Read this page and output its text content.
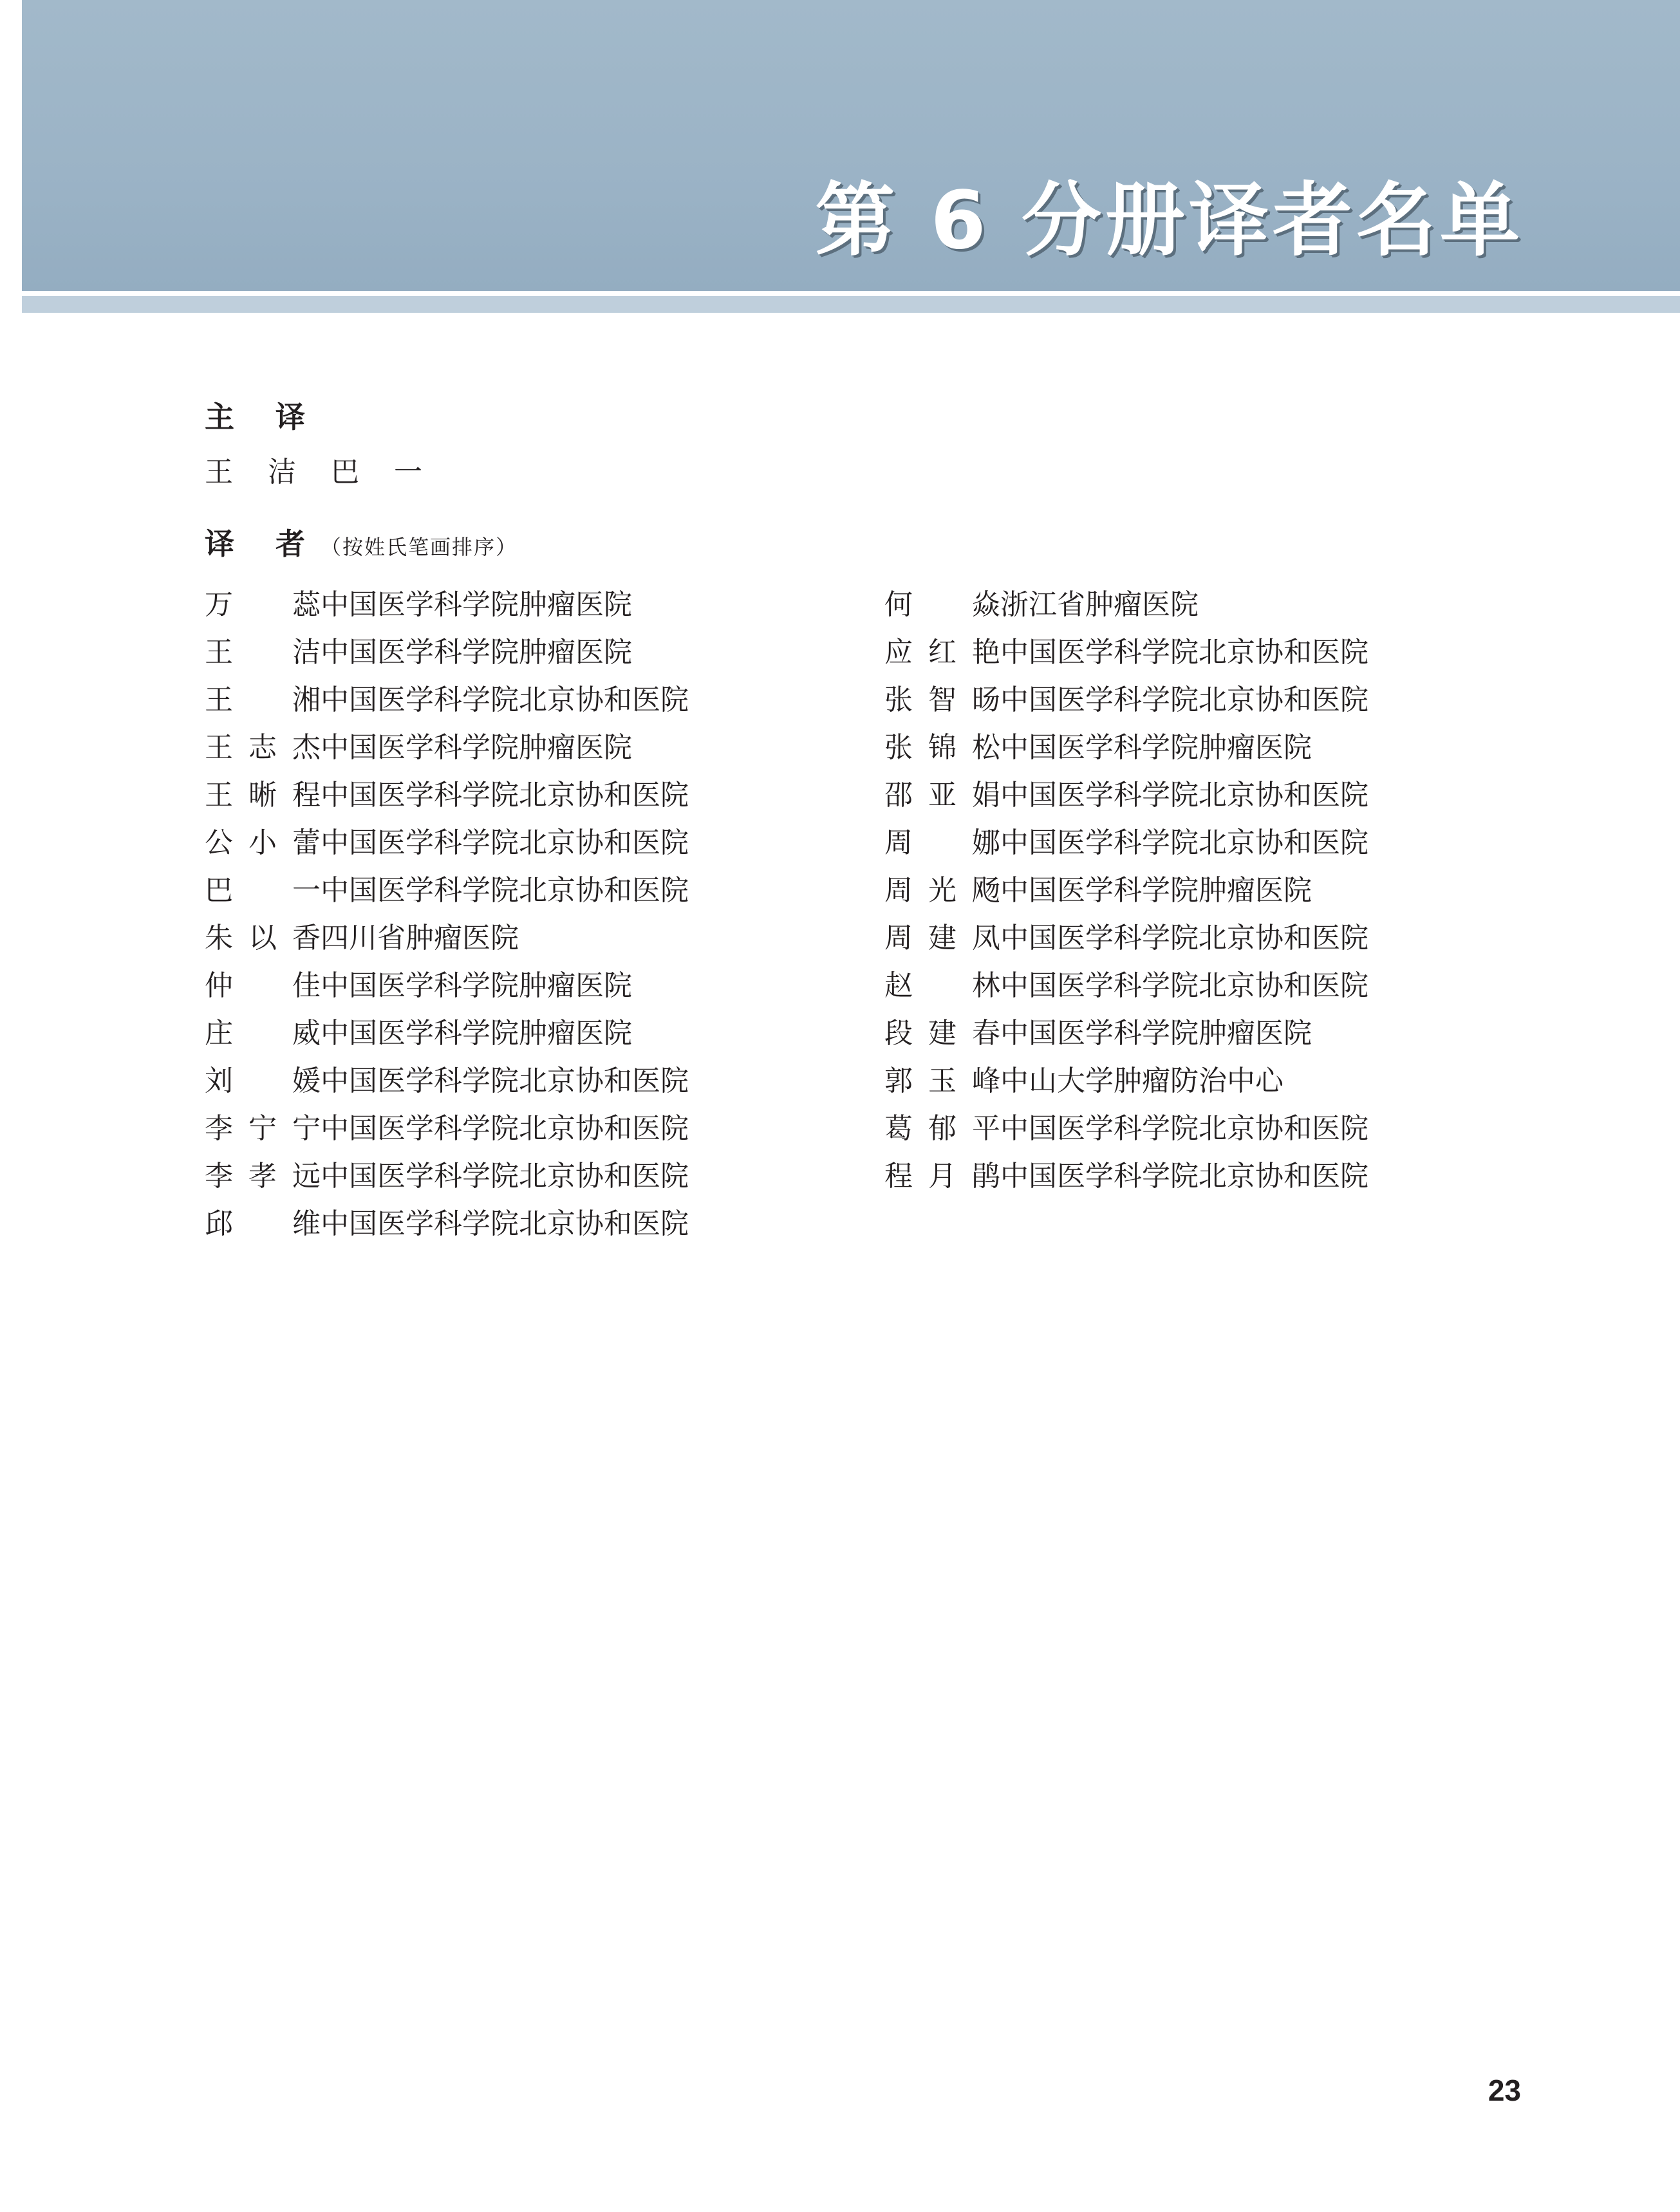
第 6 分册译者名单
主 译
王 洁 巴 一
译 者（按姓氏笔画排序）
万 蕊 中国医学科学院肿瘤医院
王 洁 中国医学科学院肿瘤医院
王 湘 中国医学科学院北京协和医院
王志杰 中国医学科学院肿瘤医院
王晰程 中国医学科学院北京协和医院
公小蕾 中国医学科学院北京协和医院
巴 一 中国医学科学院北京协和医院
朱以香 四川省肿瘤医院
仲 佳 中国医学科学院肿瘤医院
庄 威 中国医学科学院肿瘤医院
刘 媛 中国医学科学院北京协和医院
李宁宁 中国医学科学院北京协和医院
李孝远 中国医学科学院北京协和医院
邱 维 中国医学科学院北京协和医院
何 焱 浙江省肿瘤医院
应红艳 中国医学科学院北京协和医院
张智旸 中国医学科学院北京协和医院
张锦松 中国医学科学院肿瘤医院
邵亚娟 中国医学科学院北京协和医院
周 娜 中国医学科学院北京协和医院
周光飏 中国医学科学院肿瘤医院
周建凤 中国医学科学院北京协和医院
赵 林 中国医学科学院北京协和医院
段建春 中国医学科学院肿瘤医院
郭玉峰 中山大学肿瘤防治中心
葛郁平 中国医学科学院北京协和医院
程月鹃 中国医学科学院北京协和医院
23
